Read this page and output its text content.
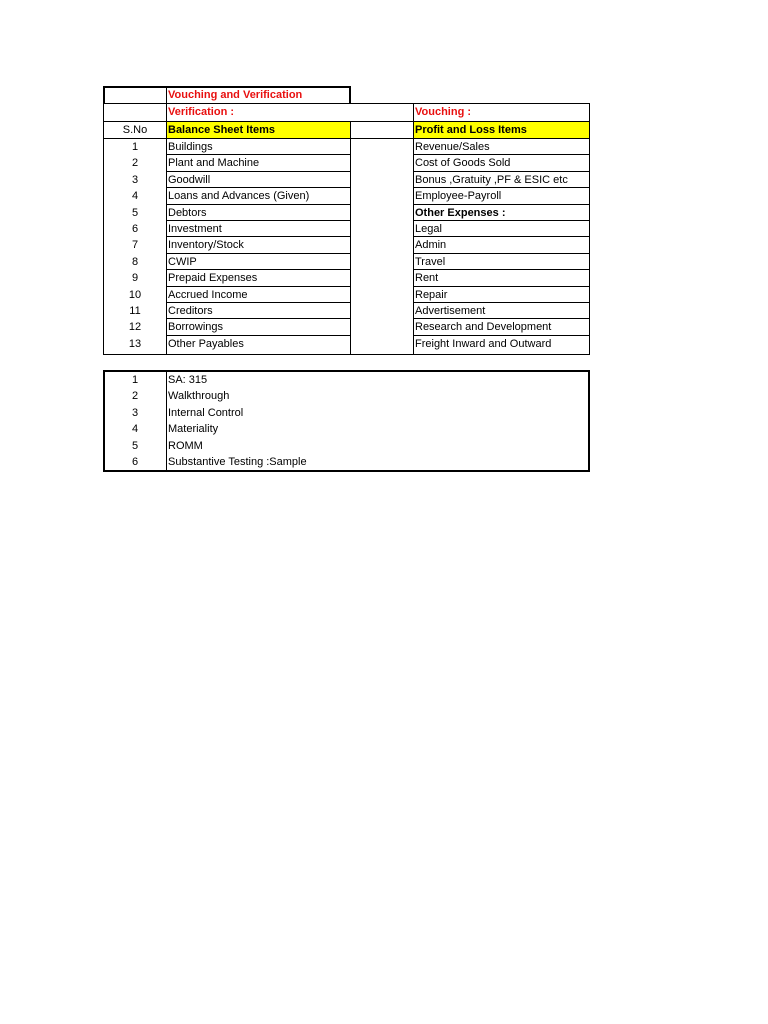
Vouching and Verification
Verification :	Vouching :
S.No	Balance Sheet Items	Profit and Loss Items
1	Buildings	Revenue/Sales
2	Plant and Machine	Cost of Goods Sold
3	Goodwill	Bonus ,Gratuity ,PF & ESIC etc
4	Loans and Advances (Given)	Employee-Payroll
5	Debtors	Other Expenses :
6	Investment	Legal
7	Inventory/Stock	Admin
8	CWIP	Travel
9	Prepaid Expenses	Rent
10	Accrued Income	Repair
11	Creditors	Advertisement
12	Borrowings	Research and Development
13	Other Payables	Freight Inward and Outward
1	SA: 315
2	Walkthrough
3	Internal Control
4	Materiality
5	ROMM
6	Substantive Testing :Sample
